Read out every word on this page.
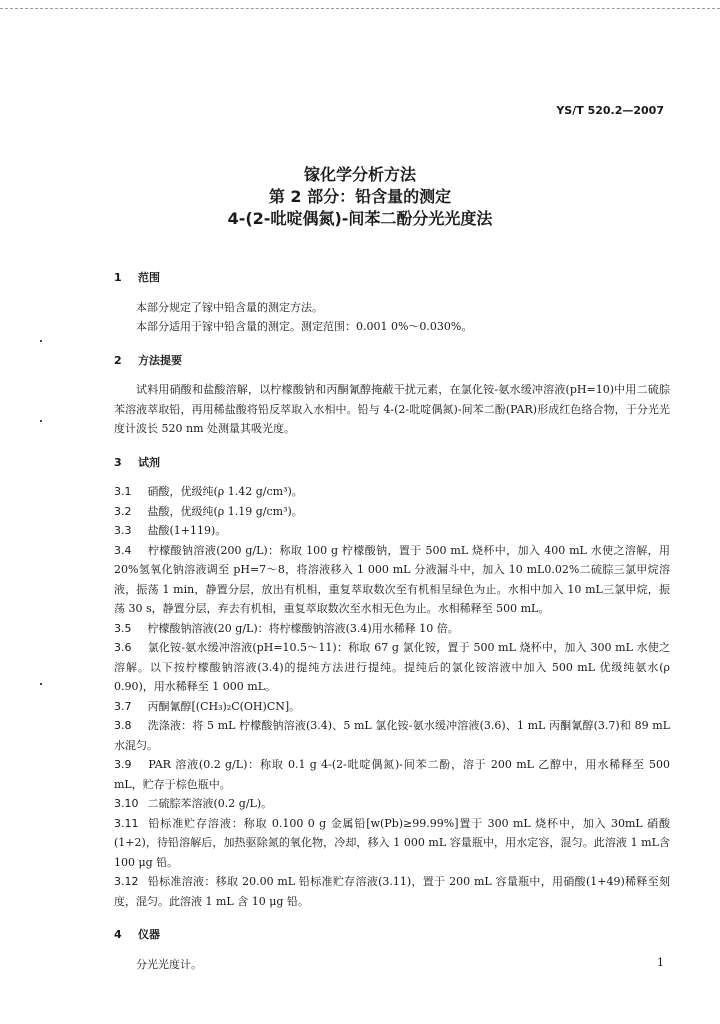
YS/T 520.2—2007
镓化学分析方法
第 2 部分：铅含量的测定
4-(2-吡啶偶氮)-间苯二酚分光光度法

1 范围

本部分规定了镓中铅含量的测定方法。

本部分适用于镓中铅含量的测定。测定范围：0.001 0%～0.030%。

2 方法提要

试料用硝酸和盐酸溶解，以柠檬酸钠和丙酮氰醇掩蔽干扰元素，在氯化铵-氨水缓冲溶液(pH=10)中用二硫腙苯溶液萃取铅，再用稀盐酸将铅反萃取入水相中。铅与 4-(2-吡啶偶氮)-间苯二酚(PAR)形成红色络合物，于分光光度计波长 520 nm 处测量其吸光度。

3 试剂

3.1 硝酸，优级纯(ρ 1.42 g/cm³)。

3.2 盐酸，优级纯(ρ 1.19 g/cm³)。

3.3 盐酸(1+119)。

3.4 柠檬酸钠溶液(200 g/L)：称取 100 g 柠檬酸钠，置于 500 mL 烧杯中，加入 400 mL 水使之溶解，用 20%氢氧化钠溶液调至 pH=7～8，将溶液移入 1 000 mL 分液漏斗中，加入 10 mL0.02%二硫腙三氯甲烷溶液，振荡 1 min，静置分层，放出有机相，重复萃取数次至有机相呈绿色为止。水相中加入 10 mL三氯甲烷，振荡 30 s，静置分层，弃去有机相，重复萃取数次至水相无色为止。水相稀释至 500 mL。

3.5 柠檬酸钠溶液(20 g/L)：将柠檬酸钠溶液(3.4)用水稀释 10 倍。

3.6 氯化铵-氨水缓冲溶液(pH=10.5～11)：称取 67 g 氯化铵，置于 500 mL 烧杯中，加入 300 mL 水使之溶解。以下按柠檬酸钠溶液(3.4)的提纯方法进行提纯。提纯后的氯化铵溶液中加入 500 mL 优级纯氨水(ρ 0.90)，用水稀释至 1 000 mL。

3.7 丙酮氰醇[(CH₃)₂C(OH)CN]。

3.8 洗涤液：将 5 mL 柠檬酸钠溶液(3.4)、5 mL 氯化铵-氨水缓冲溶液(3.6)、1 mL 丙酮氰醇(3.7)和 89 mL 水混匀。

3.9 PAR 溶液(0.2 g/L)：称取 0.1 g 4-(2-吡啶偶氮)-间苯二酚，溶于 200 mL 乙醇中，用水稀释至 500 mL，贮存于棕色瓶中。

3.10 二硫腙苯溶液(0.2 g/L)。

3.11 铅标准贮存溶液：称取 0.100 0 g 金属铅[w(Pb)≥99.99%]置于 300 mL 烧杯中，加入 30mL 硝酸(1+2)，待铅溶解后，加热驱除氮的氧化物，冷却，移入 1 000 mL 容量瓶中，用水定容，混匀。此溶液 1 mL含 100 μg 铅。

3.12 铅标准溶液：移取 20.00 mL 铅标准贮存溶液(3.11)，置于 200 mL 容量瓶中，用硝酸(1+49)稀释至刻度，混匀。此溶液 1 mL 含 10 μg 铅。

4 仪器

分光光度计。	1
